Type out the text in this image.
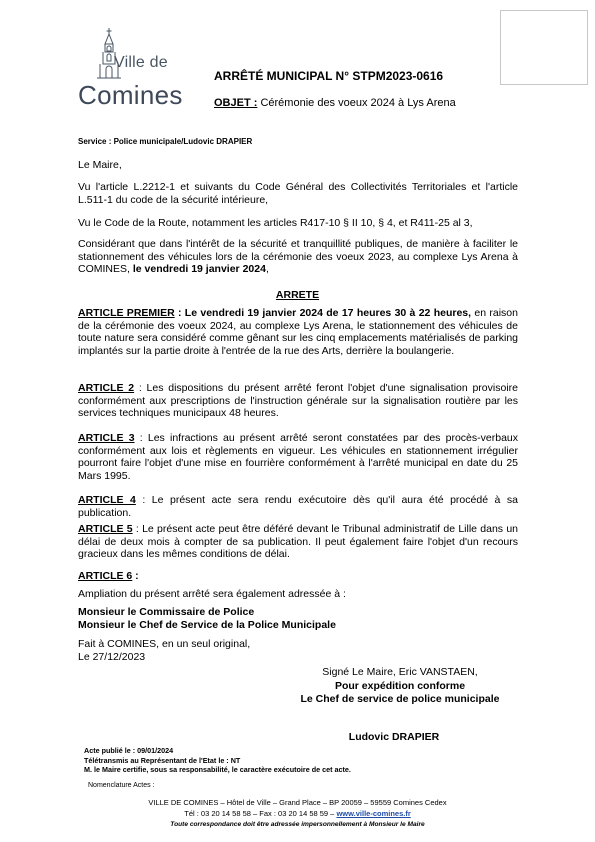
Ville de
Comines
ARRÊTÉ MUNICIPAL N° STPM2023-0616
OBJET : Cérémonie des voeux 2024 à Lys Arena
Service : Police municipale/Ludovic DRAPIER
Le Maire,
Vu l'article L.2212-1 et suivants du Code Général des Collectivités Territoriales et l'article L.511-1 du code de la sécurité intérieure,
Vu le Code de la Route, notamment les articles R417-10 § II 10, § 4, et R411-25 al 3,
Considérant que dans l'intérêt de la sécurité et tranquillité publiques, de manière à faciliter le stationnement des véhicules lors de la cérémonie des voeux 2023, au complexe Lys Arena à COMINES, le vendredi 19 janvier 2024,
ARRETE
ARTICLE PREMIER : Le vendredi 19 janvier 2024 de 17 heures 30 à 22 heures, en raison de la cérémonie des voeux 2024, au complexe Lys Arena, le stationnement des véhicules de toute nature sera considéré comme gênant sur les cinq emplacements matérialisés de parking implantés sur la partie droite à l'entrée de la rue des Arts, derrière la boulangerie.
ARTICLE 2 : Les dispositions du présent arrêté feront l'objet d'une signalisation provisoire conformément aux prescriptions de l'instruction générale sur la signalisation routière par les services techniques municipaux 48 heures.
ARTICLE 3 : Les infractions au présent arrêté seront constatées par des procès-verbaux conformément aux lois et règlements en vigueur. Les véhicules en stationnement irrégulier pourront faire l'objet d'une mise en fourrière conformément à l'arrêté municipal en date du 25 Mars 1995.
ARTICLE 4 : Le présent acte sera rendu exécutoire dès qu'il aura été procédé à sa publication.
ARTICLE 5 : Le présent acte peut être déféré devant le Tribunal administratif de Lille dans un délai de deux mois à compter de sa publication. Il peut également faire l'objet d'un recours gracieux dans les mêmes conditions de délai.
ARTICLE 6 :
Ampliation du présent arrêté sera également adressée à :
Monsieur le Commissaire de Police
Monsieur le Chef de Service de la Police Municipale
Fait à COMINES, en un seul original,
Le 27/12/2023
Signé Le Maire, Eric VANSTAEN,
Pour expédition conforme
Le Chef de service de police municipale
Ludovic DRAPIER
Acte publié le : 09/01/2024
Télétransmis au Représentant de l'Etat le : NT
M. le Maire certifie, sous sa responsabilité, le caractère exécutoire de cet acte.
Nomenclature Actes :
VILLE DE COMINES – Hôtel de Ville – Grand Place – BP 20059 – 59559 Comines Cedex
Tél : 03 20 14 58 58 – Fax : 03 20 14 58 59 – www.ville-comines.fr
Toute correspondance doit être adressée impersonnellement à Monsieur le Maire
